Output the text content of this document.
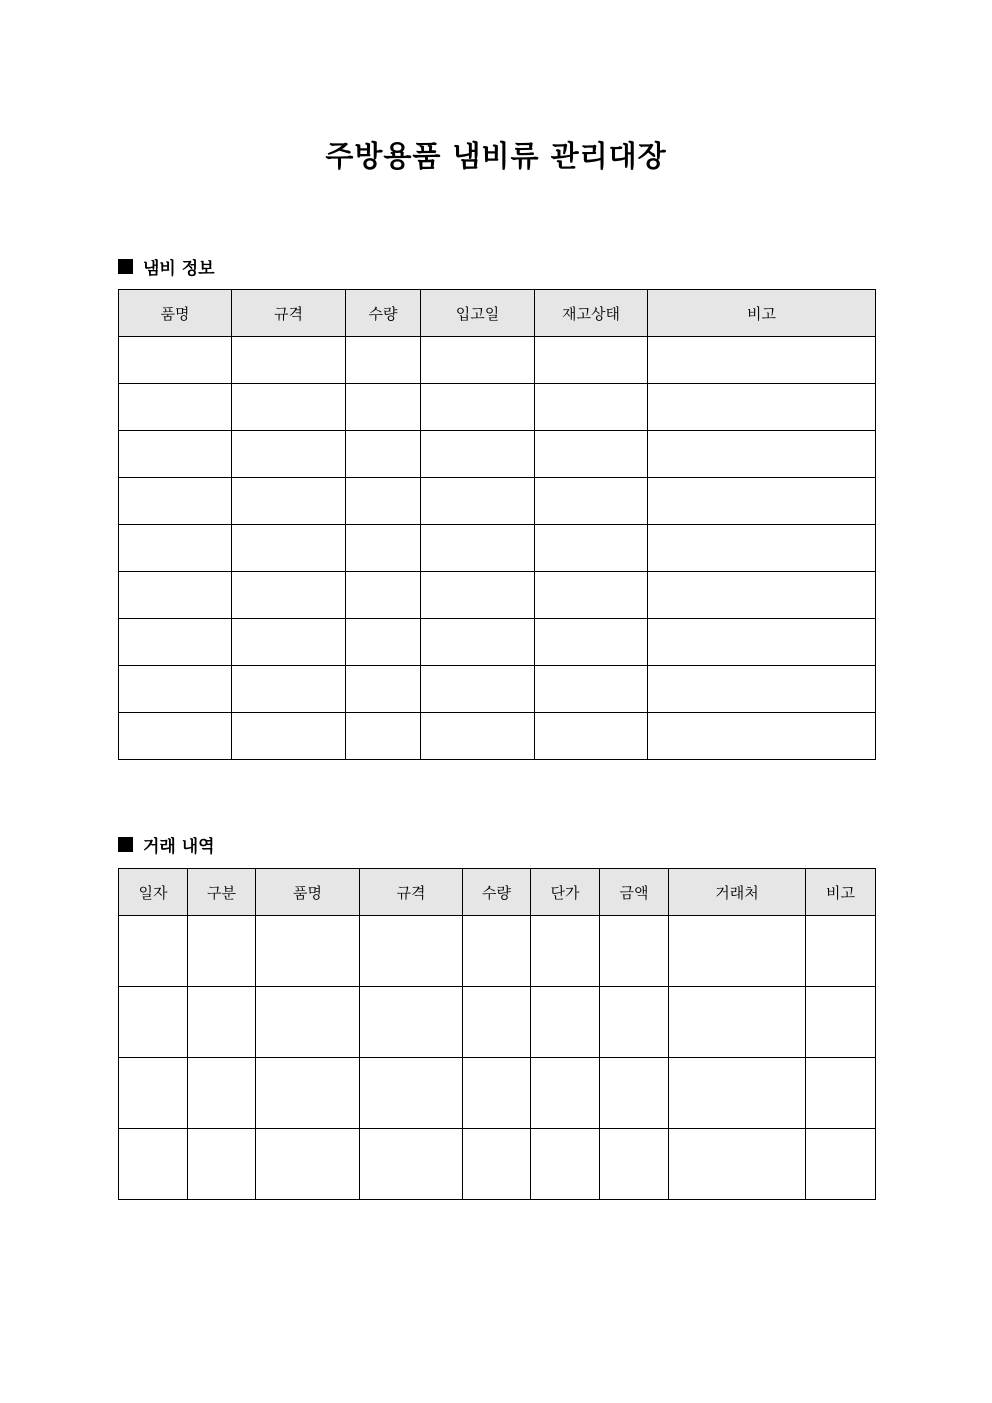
주방용품 냄비류 관리대장
냄비 정보
품명	규격	수량	입고일	재고상태	비고

거래 내역
일자	구분	품명	규격	수량	단가	금액	거래처	비고
